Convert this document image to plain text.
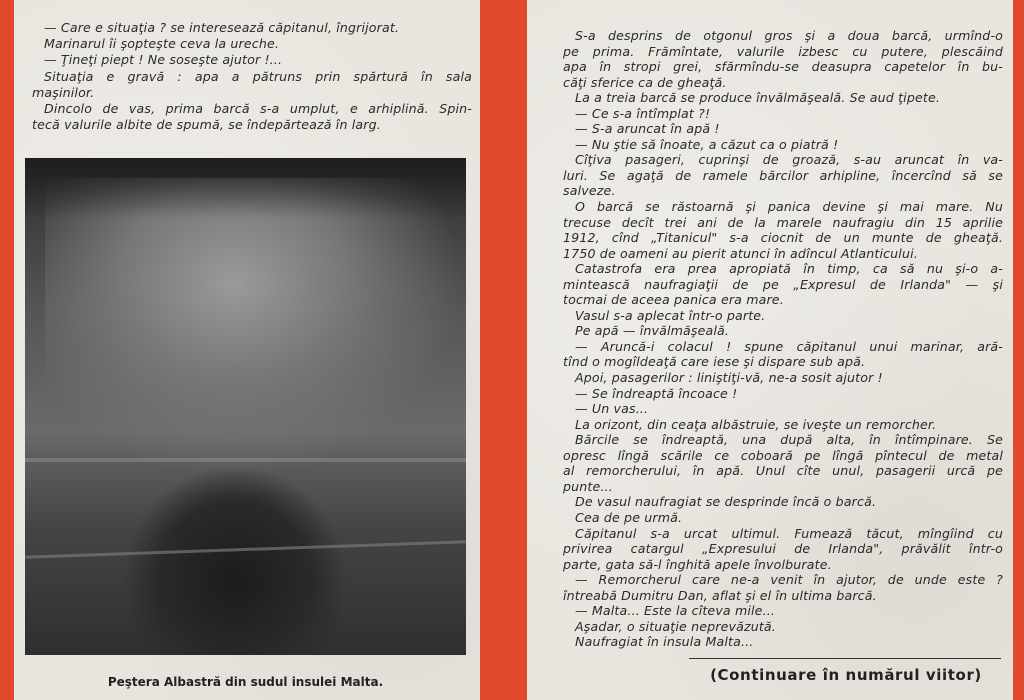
— Care e situaţia ? se interesează căpitanul, îngrijorat.
Marinarul îi şopteşte ceva la ureche.
— Ţineţi piept ! Ne soseşte ajutor !...
Situaţia e gravă : apa a pătruns prin spărtură în sala
maşinilor.
Dincolo de vas, prima barcă s-a umplut, e arhiplină. Spin-
tecă valurile albite de spumă, se îndepărtează în larg.
Peştera Albastră din sudul insulei Malta.
S-a desprins de otgonul gros şi a doua barcă, urmînd-o
pe prima. Frămîntate, valurile izbesc cu putere, plescăind
apa în stropi grei, sfărmîndu-se deasupra capetelor în bu-
căţi sferice ca de gheaţă.
La a treia barcă se produce învălmăşeală. Se aud ţipete.
— Ce s-a întîmplat ?!
— S-a aruncat în apă !
— Nu ştie să înoate, a căzut ca o piatră !
Cîţiva pasageri, cuprinşi de groază, s-au aruncat în va-
luri. Se agaţă de ramele bărcilor arhipline, încercînd să se
salveze.
O barcă se răstoarnă şi panica devine şi mai mare. Nu
trecuse decît trei ani de la marele naufragiu din 15 aprilie
1912, cînd „Titanicul" s-a ciocnit de un munte de gheaţă.
1750 de oameni au pierit atunci în adîncul Atlanticului.
Catastrofa era prea apropiată în timp, ca să nu şi-o a-
mintească naufragiaţii de pe „Expresul de Irlanda" — şi
tocmai de aceea panica era mare.
Vasul s-a aplecat într-o parte.
Pe apă — învălmăşeală.
— Aruncă-i colacul ! spune căpitanul unui marinar, ară-
tînd o mogîldeaţă care iese şi dispare sub apă.
Apoi, pasagerilor : liniştiţi-vă, ne-a sosit ajutor !
— Se îndreaptă încoace !
— Un vas...
La orizont, din ceaţa albăstruie, se iveşte un remorcher.
Bărcile se îndreaptă, una după alta, în întîmpinare. Se
opresc lîngă scările ce coboară pe lîngă pîntecul de metal
al remorcherului, în apă. Unul cîte unul, pasagerii urcă pe
punte...
De vasul naufragiat se desprinde încă o barcă.
Cea de pe urmă.
Căpitanul s-a urcat ultimul. Fumează tăcut, mîngîind cu
privirea catargul „Expresului de Irlanda", prăvălit într-o
parte, gata să-l înghită apele învolburate.
— Remorcherul care ne-a venit în ajutor, de unde este ?
întreabă Dumitru Dan, aflat şi el în ultima barcă.
— Malta... Este la cîteva mile...
Aşadar, o situaţie neprevăzută.
Naufragiat în insula Malta...
(Continuare în numărul viitor)
